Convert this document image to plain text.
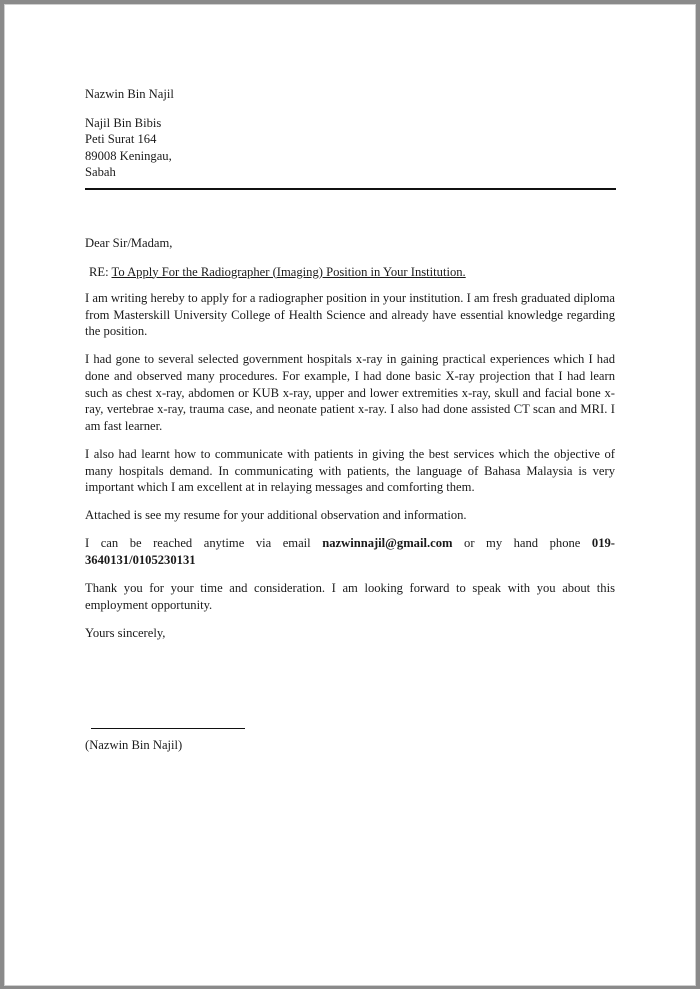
Nazwin Bin Najil
Najil Bin Bibis
Peti Surat 164
89008 Keningau,
Sabah
Dear Sir/Madam,
RE: To Apply For the Radiographer (Imaging) Position in Your Institution.

I am writing hereby to apply for a radiographer position in your institution. I am fresh graduated diploma from Masterskill University College of Health Science and already have essential knowledge regarding the position.

I had gone to several selected government hospitals x-ray in gaining practical experiences which I had done and observed many procedures. For example, I had done basic X-ray projection that I had learn such as chest x-ray, abdomen or KUB x-ray, upper and lower extremities x-ray, skull and facial bone x-ray, vertebrae x-ray, trauma case, and neonate patient x-ray. I also had done assisted CT scan and MRI. I am fast learner.

I also had learnt how to communicate with patients in giving the best services which the objective of many hospitals demand. In communicating with patients, the language of Bahasa Malaysia is very important which I am excellent at in relaying messages and comforting them.

Attached is see my resume for your additional observation and information.

I can be reached anytime via email nazwinnajil@gmail.com or my hand phone 019-3640131/0105230131

Thank you for your time and consideration. I am looking forward to speak with you about this employment opportunity.

Yours sincerely,
(Nazwin Bin Najil)
